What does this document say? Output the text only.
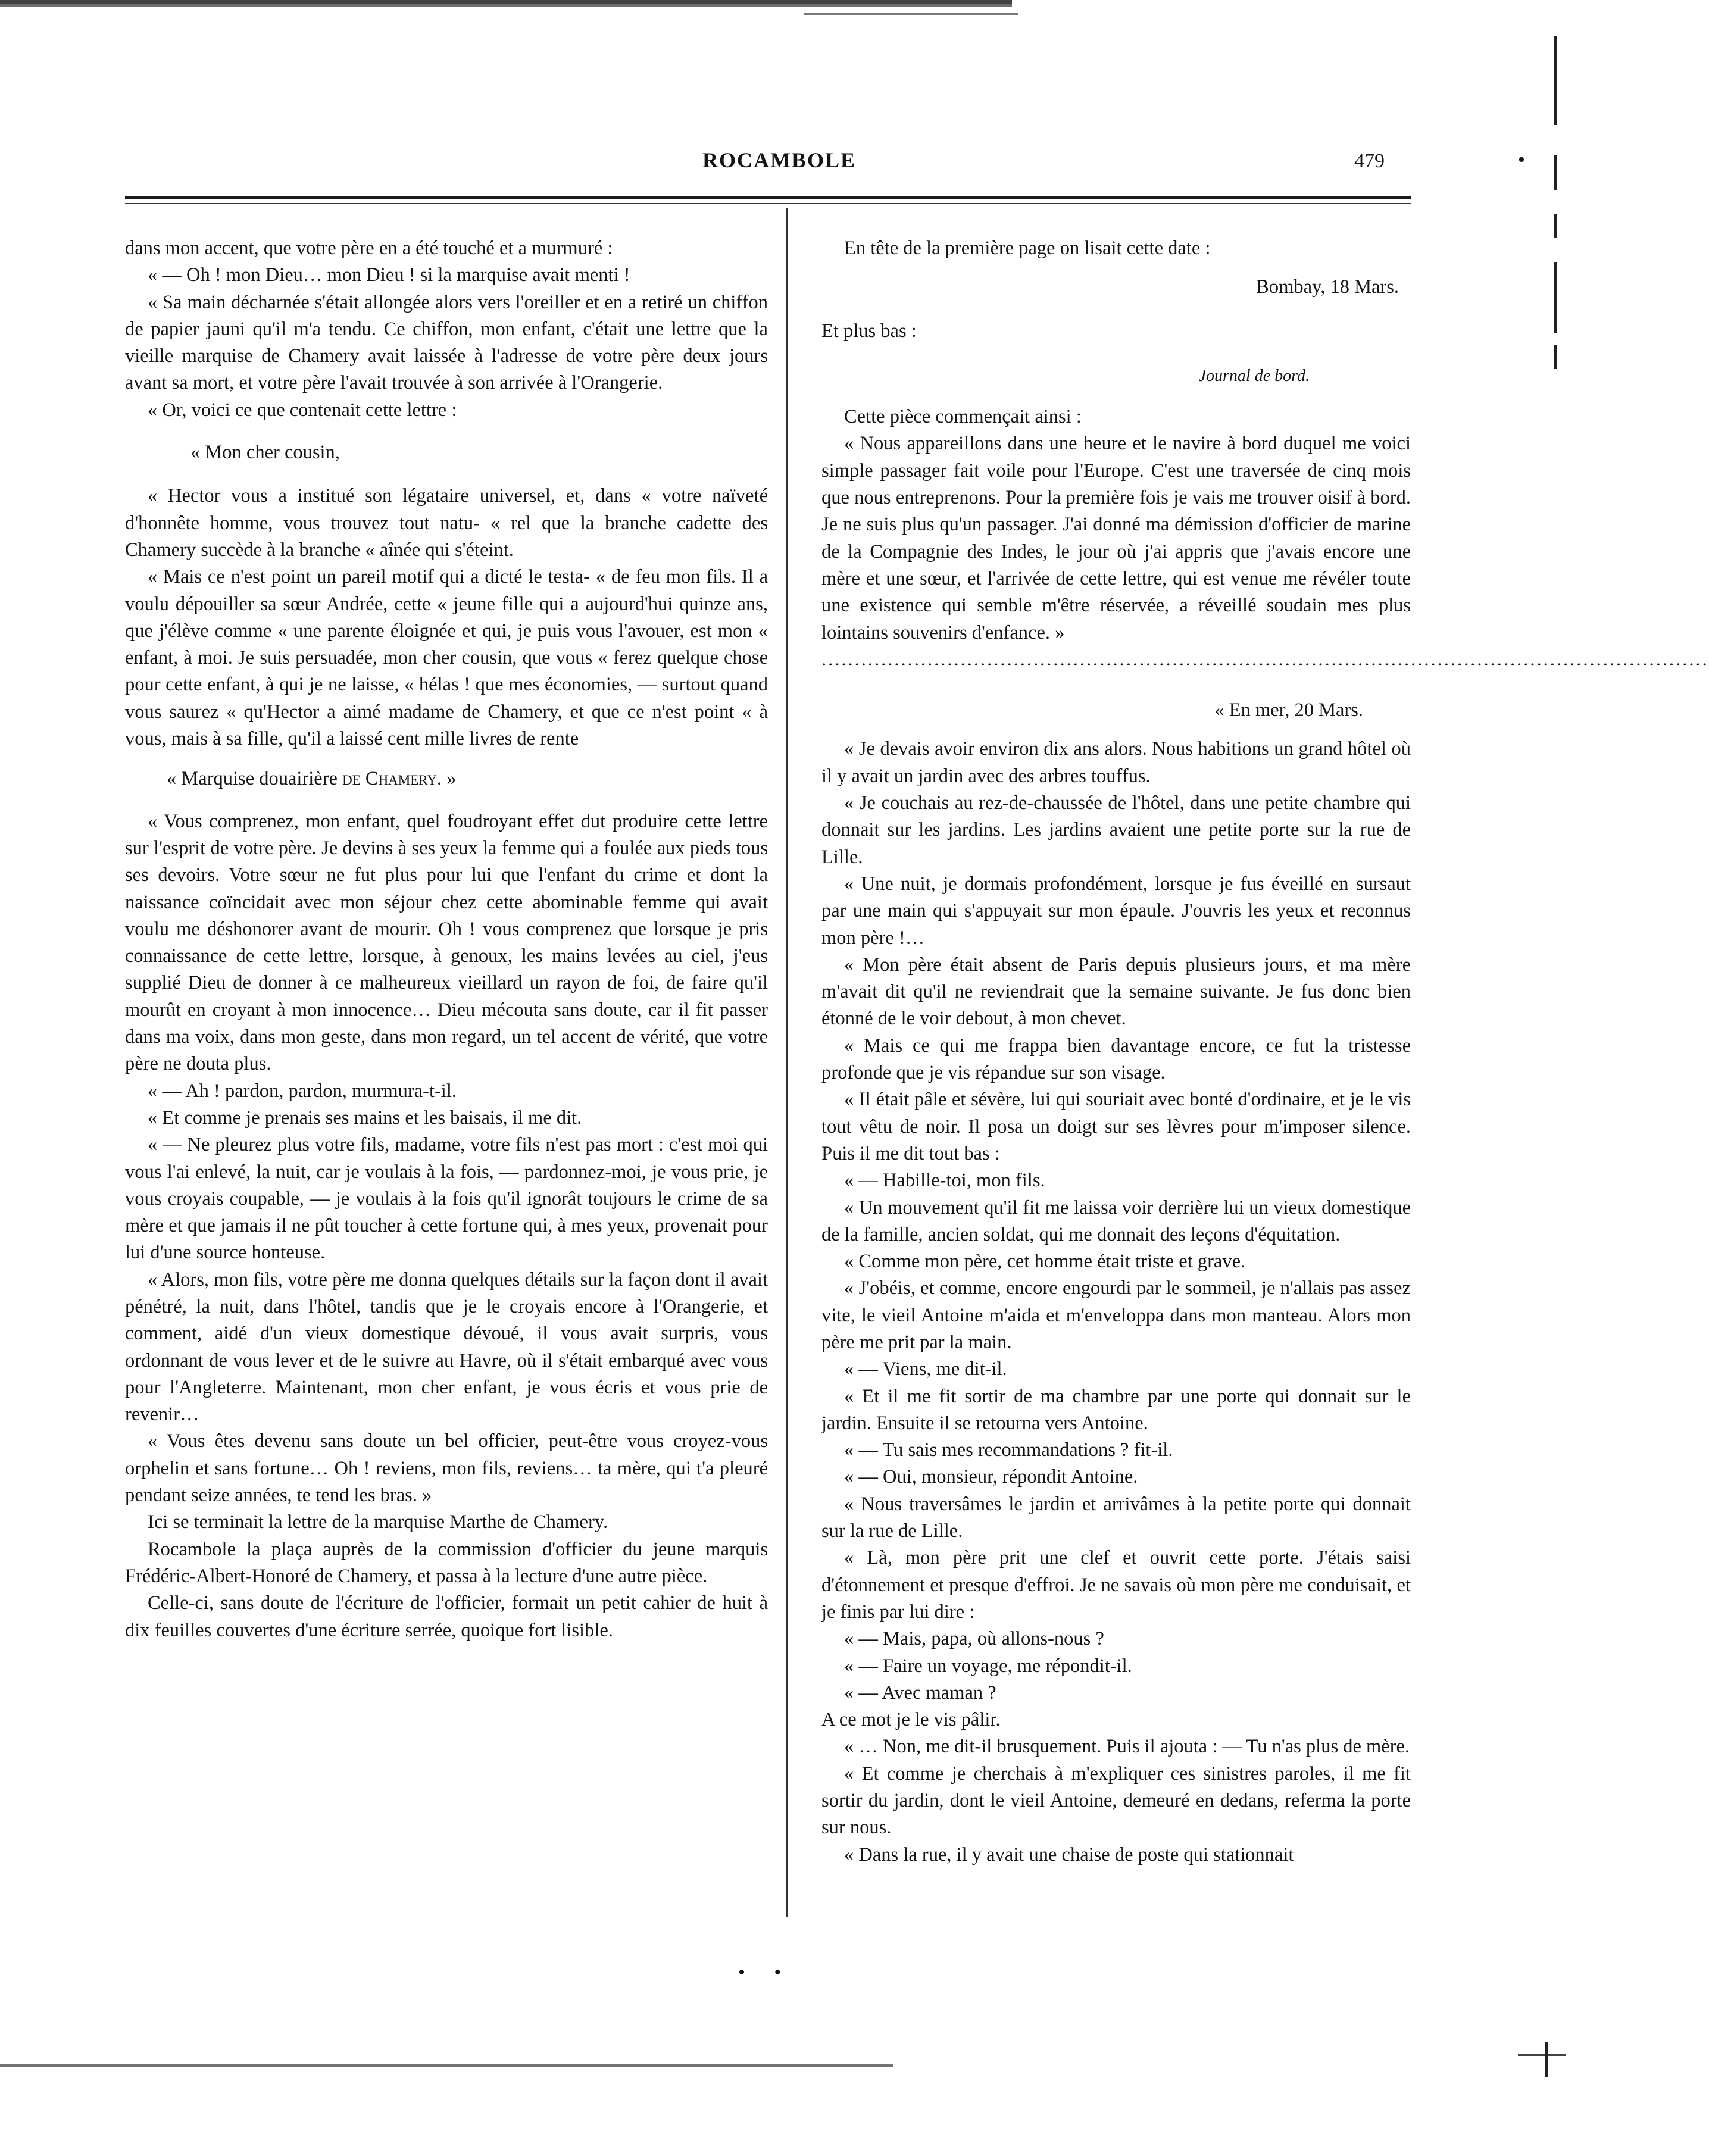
ROCAMBOLE	479	•

dans mon accent, que votre père en a été touché et a murmuré :

« — Oh ! mon Dieu… mon Dieu ! si la marquise avait menti !

« Sa main décharnée s'était allongée alors vers l'oreiller et en a retiré un chiffon de papier jauni qu'il m'a tendu. Ce chiffon, mon enfant, c'était une lettre que la vieille marquise de Chamery avait laissée à l'adresse de votre père deux jours avant sa mort, et votre père l'avait trouvée à son arrivée à l'Orangerie.

« Or, voici ce que contenait cette lettre :

« Mon cher cousin,

« Hector vous a institué son légataire universel, et, dans « votre naïveté d'honnête homme, vous trouvez tout natu- « rel que la branche cadette des Chamery succède à la branche « aînée qui s'éteint.

« Mais ce n'est point un pareil motif qui a dicté le testa- « de feu mon fils. Il a voulu dépouiller sa sœur Andrée, cette « jeune fille qui a aujourd'hui quinze ans, que j'élève comme « une parente éloignée et qui, je puis vous l'avouer, est mon « enfant, à moi. Je suis persuadée, mon cher cousin, que vous « ferez quelque chose pour cette enfant, à qui je ne laisse, « hélas ! que mes économies, — surtout quand vous saurez « qu'Hector a aimé madame de Chamery, et que ce n'est point « à vous, mais à sa fille, qu'il a laissé cent mille livres de rente

« Marquise douairière de Chamery. »

« Vous comprenez, mon enfant, quel foudroyant effet dut produire cette lettre sur l'esprit de votre père. Je devins à ses yeux la femme qui a foulée aux pieds tous ses devoirs. Votre sœur ne fut plus pour lui que l'enfant du crime et dont la naissance coïncidait avec mon séjour chez cette abominable femme qui avait voulu me déshonorer avant de mourir. Oh ! vous comprenez que lorsque je pris connaissance de cette lettre, lorsque, à genoux, les mains levées au ciel, j'eus supplié Dieu de donner à ce malheureux vieillard un rayon de foi, de faire qu'il mourût en croyant à mon innocence… Dieu mécouta sans doute, car il fit passer dans ma voix, dans mon geste, dans mon regard, un tel accent de vérité, que votre père ne douta plus.

« — Ah ! pardon, pardon, murmura-t-il.

« Et comme je prenais ses mains et les baisais, il me dit.

« — Ne pleurez plus votre fils, madame, votre fils n'est pas mort : c'est moi qui vous l'ai enlevé, la nuit, car je voulais à la fois, — pardonnez-moi, je vous prie, je vous croyais coupable, — je voulais à la fois qu'il ignorât toujours le crime de sa mère et que jamais il ne pût toucher à cette fortune qui, à mes yeux, provenait pour lui d'une source honteuse.

« Alors, mon fils, votre père me donna quelques détails sur la façon dont il avait pénétré, la nuit, dans l'hôtel, tandis que je le croyais encore à l'Orangerie, et comment, aidé d'un vieux domestique dévoué, il vous avait surpris, vous ordonnant de vous lever et de le suivre au Havre, où il s'était embarqué avec vous pour l'Angleterre. Maintenant, mon cher enfant, je vous écris et vous prie de revenir…

« Vous êtes devenu sans doute un bel officier, peut-être vous croyez-vous orphelin et sans fortune… Oh ! reviens, mon fils, reviens… ta mère, qui t'a pleuré pendant seize années, te tend les bras. »

Ici se terminait la lettre de la marquise Marthe de Chamery.

Rocambole la plaça auprès de la commission d'officier du jeune marquis Frédéric-Albert-Honoré de Chamery, et passa à la lecture d'une autre pièce.

Celle-ci, sans doute de l'écriture de l'officier, formait un petit cahier de huit à dix feuilles couvertes d'une écriture serrée, quoique fort lisible.

En tête de la première page on lisait cette date :

Bombay, 18 Mars.

Et plus bas :

Journal de bord.

Cette pièce commençait ainsi :

« Nous appareillons dans une heure et le navire à bord duquel me voici simple passager fait voile pour l'Europe. C'est une traversée de cinq mois que nous entreprenons. Pour la première fois je vais me trouver oisif à bord. Je ne suis plus qu'un passager. J'ai donné ma démission d'officier de marine de la Compagnie des Indes, le jour où j'ai appris que j'avais encore une mère et une sœur, et l'arrivée de cette lettre, qui est venue me révéler toute une existence qui semble m'être réservée, a réveillé soudain mes plus lointains souvenirs d'enfance. »

......................................................................................................................................

« En mer, 20 Mars.

« Je devais avoir environ dix ans alors. Nous habitions un grand hôtel où il y avait un jardin avec des arbres touffus.

« Je couchais au rez-de-chaussée de l'hôtel, dans une petite chambre qui donnait sur les jardins. Les jardins avaient une petite porte sur la rue de Lille.

« Une nuit, je dormais profondément, lorsque je fus éveillé en sursaut par une main qui s'appuyait sur mon épaule. J'ouvris les yeux et reconnus mon père !…

« Mon père était absent de Paris depuis plusieurs jours, et ma mère m'avait dit qu'il ne reviendrait que la semaine suivante. Je fus donc bien étonné de le voir debout, à mon chevet.

« Mais ce qui me frappa bien davantage encore, ce fut la tristesse profonde que je vis répandue sur son visage.

« Il était pâle et sévère, lui qui souriait avec bonté d'ordinaire, et je le vis tout vêtu de noir. Il posa un doigt sur ses lèvres pour m'imposer silence. Puis il me dit tout bas :

« — Habille-toi, mon fils.

« Un mouvement qu'il fit me laissa voir derrière lui un vieux domestique de la famille, ancien soldat, qui me donnait des leçons d'équitation.

« Comme mon père, cet homme était triste et grave.

« J'obéis, et comme, encore engourdi par le sommeil, je n'allais pas assez vite, le vieil Antoine m'aida et m'enveloppa dans mon manteau. Alors mon père me prit par la main.

« — Viens, me dit-il.

« Et il me fit sortir de ma chambre par une porte qui donnait sur le jardin. Ensuite il se retourna vers Antoine.

« — Tu sais mes recommandations ? fit-il.

« — Oui, monsieur, répondit Antoine.

« Nous traversâmes le jardin et arrivâmes à la petite porte qui donnait sur la rue de Lille.

« Là, mon père prit une clef et ouvrit cette porte. J'étais saisi d'étonnement et presque d'effroi. Je ne savais où mon père me conduisait, et je finis par lui dire :

« — Mais, papa, où allons-nous ?

« — Faire un voyage, me répondit-il.

« — Avec maman ?

A ce mot je le vis pâlir.

« … Non, me dit-il brusquement. Puis il ajouta : — Tu n'as plus de mère.

« Et comme je cherchais à m'expliquer ces sinistres paroles, il me fit sortir du jardin, dont le vieil Antoine, demeuré en dedans, referma la porte sur nous.

« Dans la rue, il y avait une chaise de poste qui stationnait

• •
